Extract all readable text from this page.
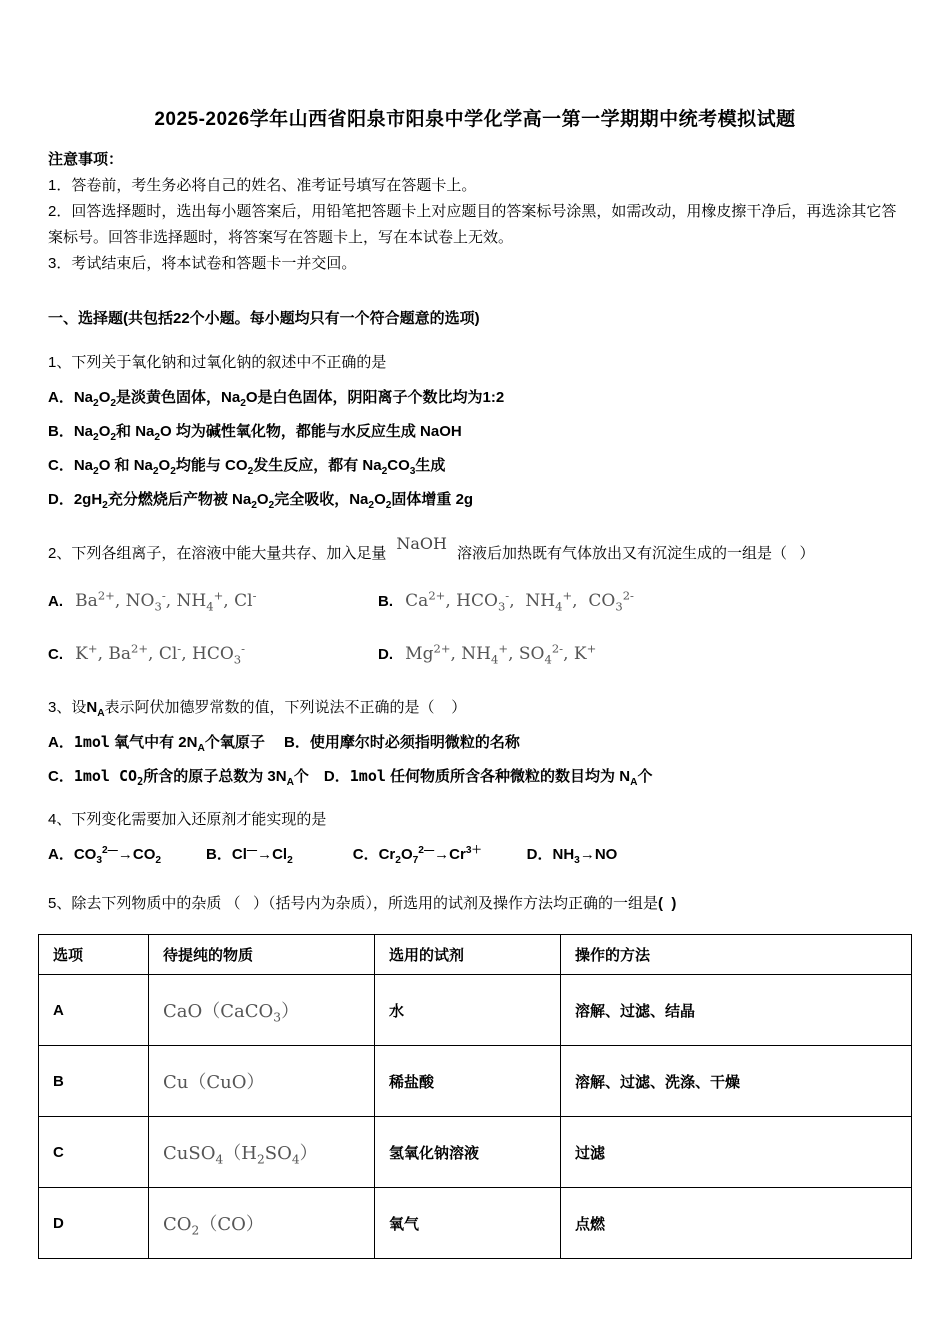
2025-2026学年山西省阳泉市阳泉中学化学高一第一学期期中统考模拟试题
注意事项：
1．答卷前，考生务必将自己的姓名、准考证号填写在答题卡上。
2．回答选择题时，选出每小题答案后，用铅笔把答题卡上对应题目的答案标号涂黑，如需改动，用橡皮擦干净后，再选涂其它答案标号。回答非选择题时，将答案写在答题卡上，写在本试卷上无效。
3．考试结束后，将本试卷和答题卡一并交回。
一、选择题(共包括22个小题。每小题均只有一个符合题意的选项)
1、下列关于氧化钠和过氧化钠的叙述中不正确的是
A．$Na_2O_2$是淡黄色固体，$Na_2O$是白色固体，阴阳离子个数比均为1:2
B．$Na_2O_2$和 $Na_2O$ 均为碱性氧化物，都能与水反应生成 NaOH
C．$Na_2O$ 和 $Na_2O_2$均能与 $CO_2$发生反应，都有 $Na_2CO_3$生成
D．$2gH_2$充分燃烧后产物被 $Na_2O_2$完全吸收，$Na_2O_2$固体增重 2g
2、下列各组离子，在溶液中能大量共存、加入足量NaOH溶液后加热既有气体放出又有沉淀生成的一组是（   ）
A. $Ba^{2+}$, $NO_3^-$, $NH_4^+$, Cl-	B. $Ca^{2+}$, $HCO_3^-$,  $NH_4^+$,  $CO_3^{2-}$
C. K+, $Ba^{2+}$, Cl-, $HCO_3^-$	D. $Mg^{2+}$, $NH_4^+$, $SO_4^{2-}$, K+
3、设$N_A$表示阿伏加德罗常数的值，下列说法不正确的是（    ）
A．1mol 氧气中有 $2N_A$个氧原子  B．使用摩尔时必须指明微粒的名称
C．1mol $CO_2$所含的原子总数为 $3N_A$个 D．1mol 任何物质所含各种微粒的数目均为 $N_A$个
4、下列变化需要加入还原剂才能实现的是
A．$CO_3^{2—}\to CO_2$   B．$Cl^—\to Cl_2$    C．$Cr_2O_7^{2—}\to Cr^{3+}$   D．$NH_3\to NO$
5、除去下列物质中的杂质 （   ）（括号内为杂质），所选用的试剂及操作方法均正确的一组是(  )
选项	待提纯的物质	选用的试剂	操作的方法
A	CaO（CaCO$_3$）	水	溶解、过滤、结晶
B	Cu（CuO）	稀盐酸	溶解、过滤、洗涤、干燥
C	$CuSO_4(H_2SO_4)$	氢氧化钠溶液	过滤
D	$CO_2(CO)$	氧气	点燃
